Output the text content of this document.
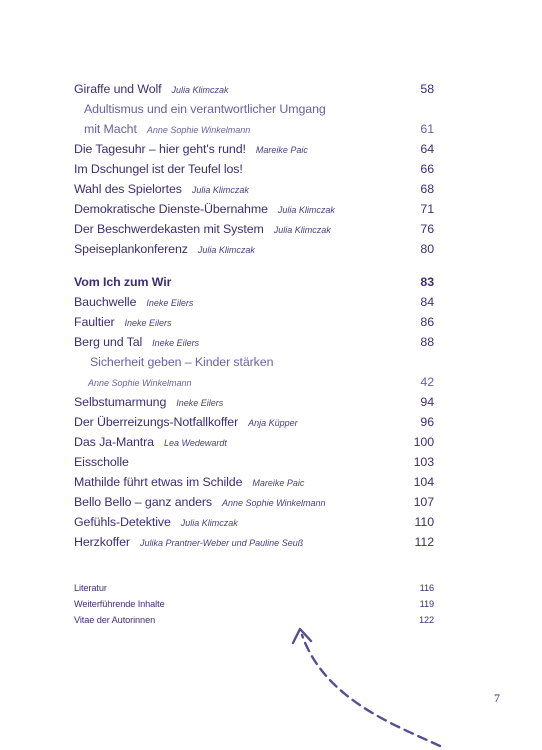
Giraffe und Wolf Julia Klimczak	58
Adultismus und ein verantwortlicher Umgang
mit Macht Anne Sophie Winkelmann	61
Die Tagesuhr – hier geht's rund! Mareike Paic	64
Im Dschungel ist der Teufel los!	66
Wahl des Spielortes Julia Klimczak	68
Demokratische Dienste-Übernahme Julia Klimczak	71
Der Beschwerdekasten mit System Julia Klimczak	76
Speiseplankonferenz Julia Klimczak	80
Vom Ich zum Wir	83
Bauchwelle Ineke Eilers	84
Faultier Ineke Eilers	86
Berg und Tal Ineke Eilers	88
Sicherheit geben – Kinder stärken
Anne Sophie Winkelmann	42
Selbstumarmung Ineke Eilers	94
Der Überreizungs-Notfallkoffer Anja Küpper	96
Das Ja-Mantra Lea Wedewardt	100
Eisscholle	103
Mathilde führt etwas im Schilde Mareike Paic	104
Bello Bello – ganz anders Anne Sophie Winkelmann	107
Gefühls-Detektive Julia Klimczak	110
Herzkoffer Julika Prantner-Weber und Pauline Seuß	112
Literatur	116
Weiterführende Inhalte	119
Vitae der Autorinnen	122
7
